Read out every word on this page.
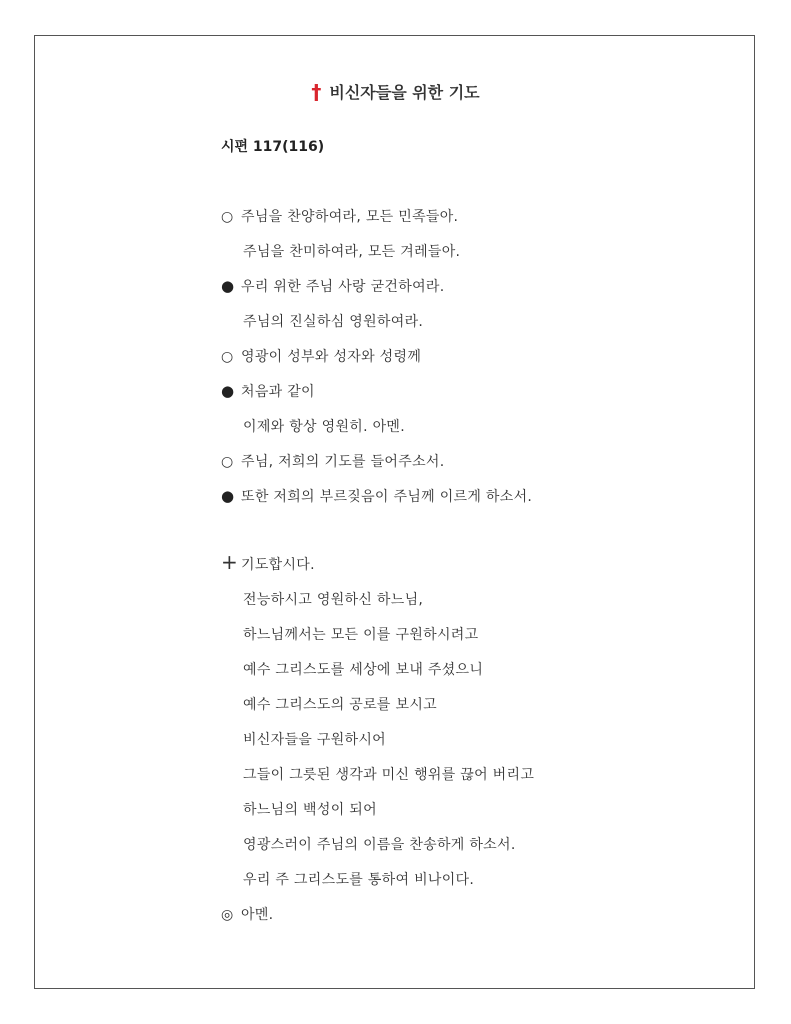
† 비신자들을 위한 기도
시편 117(116)
○ 주님을 찬양하여라, 모든 민족들아.
주님을 찬미하여라, 모든 겨레들아.
● 우리 위한 주님 사랑 굳건하여라.
주님의 진실하심 영원하여라.
○ 영광이 성부와 성자와 성령께
● 처음과 같이
이제와 항상 영원히. 아멘.
○ 주님, 저희의 기도를 들어주소서.
● 또한 저희의 부르짖음이 주님께 이르게 하소서.
+ 기도합시다.
전능하시고 영원하신 하느님,
하느님께서는 모든 이를 구원하시려고
예수 그리스도를 세상에 보내 주셨으니
예수 그리스도의 공로를 보시고
비신자들을 구원하시어
그들이 그릇된 생각과 미신 행위를 끊어 버리고
하느님의 백성이 되어
영광스러이 주님의 이름을 찬송하게 하소서.
우리 주 그리스도를 통하여 비나이다.
◎ 아멘.
